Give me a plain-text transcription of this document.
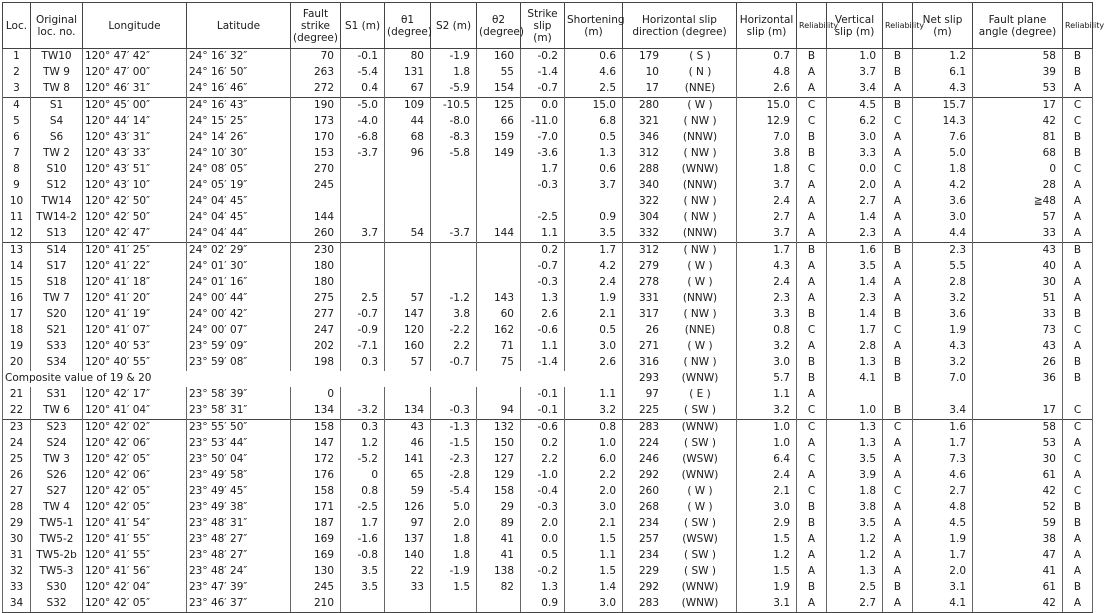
Loc.	Original loc. no.	Longitude	Latitude	Fault strike (degree)	S1 (m)	θ1 (degree)	S2 (m)	θ2 (degree)	Strike slip (m)	Shortening (m)	Horizontal slip direction (degree)	Horizontal slip (m)	Reliability	Vertical slip (m)	Reliability	Net slip (m)	Fault plane angle (degree)	Reliability
1	TW10	120° 47′ 42″	24° 16′ 32″	70	-0.1	80	-1.9	160	-0.2	0.6	179 ( S )	0.7	B	1.0	B	1.2	58	B
2	TW 9	120° 47′ 00″	24° 16′ 50″	263	-5.4	131	1.8	55	-1.4	4.6	10 ( N )	4.8	A	3.7	B	6.1	39	B
3	TW 8	120° 46′ 31″	24° 16′ 46″	272	0.4	67	-5.9	154	-0.7	2.5	17 (NNE)	2.6	A	3.4	A	4.3	53	A
4	S1	120° 45′ 00″	24° 16′ 43″	190	-5.0	109	-10.5	125	0.0	15.0	280 ( W )	15.0	C	4.5	B	15.7	17	C
5	S4	120° 44′ 14″	24° 15′ 25″	173	-4.0	44	-8.0	66	-11.0	6.8	321 ( NW )	12.9	C	6.2	C	14.3	42	C
6	S6	120° 43′ 31″	24° 14′ 26″	170	-6.8	68	-8.3	159	-7.0	0.5	346 (NNW)	7.0	B	3.0	A	7.6	81	B
7	TW 2	120° 43′ 33″	24° 10′ 30″	153	-3.7	96	-5.8	149	-3.6	1.3	312 ( NW )	3.8	B	3.3	A	5.0	68	B
8	S10	120° 43′ 51″	24° 08′ 05″	270					1.7	0.6	288 (WNW)	1.8	C	0.0	C	1.8	0	C
9	S12	120° 43′ 10″	24° 05′ 19″	245					-0.3	3.7	340 (NNW)	3.7	A	2.0	A	4.2	28	A
10	TW14	120° 42′ 50″	24° 04′ 45″								322 ( NW )	2.4	A	2.7	A	3.6	≧48	A
11	TW14-2	120° 42′ 50″	24° 04′ 45″	144					-2.5	0.9	304 ( NW )	2.7	A	1.4	A	3.0	57	A
12	S13	120° 42′ 47″	24° 04′ 44″	260	3.7	54	-3.7	144	1.1	3.5	332 (NNW)	3.7	A	2.3	A	4.4	33	A
13	S14	120° 41′ 25″	24° 02′ 29″	230					0.2	1.7	312 ( NW )	1.7	B	1.6	B	2.3	43	B
14	S17	120° 41′ 22″	24° 01′ 30″	180					-0.7	4.2	279 ( W )	4.3	A	3.5	A	5.5	40	A
15	S18	120° 41′ 18″	24° 01′ 16″	180					-0.3	2.4	278 ( W )	2.4	A	1.4	A	2.8	30	A
16	TW 7	120° 41′ 20″	24° 00′ 44″	275	2.5	57	-1.2	143	1.3	1.9	331 (NNW)	2.3	A	2.3	A	3.2	51	A
17	S20	120° 41′ 19″	24° 00′ 42″	277	-0.7	147	3.8	60	2.6	2.1	317 ( NW )	3.3	B	1.4	B	3.6	33	B
18	S21	120° 41′ 07″	24° 00′ 07″	247	-0.9	120	-2.2	162	-0.6	0.5	26 (NNE)	0.8	C	1.7	C	1.9	73	C
19	S33	120° 40′ 53″	23° 59′ 09″	202	-7.1	160	2.2	71	1.1	3.0	271 ( W )	3.2	A	2.8	A	4.3	43	A
20	S34	120° 40′ 55″	23° 59′ 08″	198	0.3	57	-0.7	75	-1.4	2.6	316 ( NW )	3.0	B	1.3	B	3.2	26	B
Composite value of 19 & 20											293 (WNW)	5.7	B	4.1	B	7.0	36	B
21	S31	120° 42′ 17″	23° 58′ 39″	0					-0.1	1.1	97 ( E )	1.1	A					
22	TW 6	120° 41′ 04″	23° 58′ 31″	134	-3.2	134	-0.3	94	-0.1	3.2	225 ( SW )	3.2	C	1.0	B	3.4	17	C
23	S23	120° 42′ 02″	23° 55′ 50″	158	0.3	43	-1.3	132	-0.6	0.8	283 (WNW)	1.0	C	1.3	C	1.6	58	C
24	S24	120° 42′ 06″	23° 53′ 44″	147	1.2	46	-1.5	150	0.2	1.0	224 ( SW )	1.0	A	1.3	A	1.7	53	A
25	TW 3	120° 42′ 05″	23° 50′ 04″	172	-5.2	141	-2.3	127	2.2	6.0	246 (WSW)	6.4	C	3.5	A	7.3	30	C
26	S26	120° 42′ 06″	23° 49′ 58″	176	0	65	-2.8	129	-1.0	2.2	292 (WNW)	2.4	A	3.9	A	4.6	61	A
27	S27	120° 42′ 05″	23° 49′ 45″	158	0.8	59	-5.4	158	-0.4	2.0	260 ( W )	2.1	C	1.8	C	2.7	42	C
28	TW 4	120° 42′ 05″	23° 49′ 38″	171	-2.5	126	5.0	29	-0.3	3.0	268 ( W )	3.0	B	3.8	A	4.8	52	B
29	TW5-1	120° 41′ 54″	23° 48′ 31″	187	1.7	97	2.0	89	2.0	2.1	234 ( SW )	2.9	B	3.5	A	4.5	59	B
30	TW5-2	120° 41′ 55″	23° 48′ 27″	169	-1.6	137	1.8	41	0.0	1.5	257 (WSW)	1.5	A	1.2	A	1.9	38	A
31	TW5-2b	120° 41′ 55″	23° 48′ 27″	169	-0.8	140	1.8	41	0.5	1.1	234 ( SW )	1.2	A	1.2	A	1.7	47	A
32	TW5-3	120° 41′ 56″	23° 48′ 24″	130	3.5	22	-1.9	138	-0.2	1.5	229 ( SW )	1.5	A	1.3	A	2.0	41	A
33	S30	120° 42′ 04″	23° 47′ 39″	245	3.5	33	1.5	82	1.3	1.4	292 (WNW)	1.9	B	2.5	B	3.1	61	B
34	S32	120° 42′ 05″	23° 46′ 37″	210					0.9	3.0	283 (WNW)	3.1	A	2.7	A	4.1	42	A
